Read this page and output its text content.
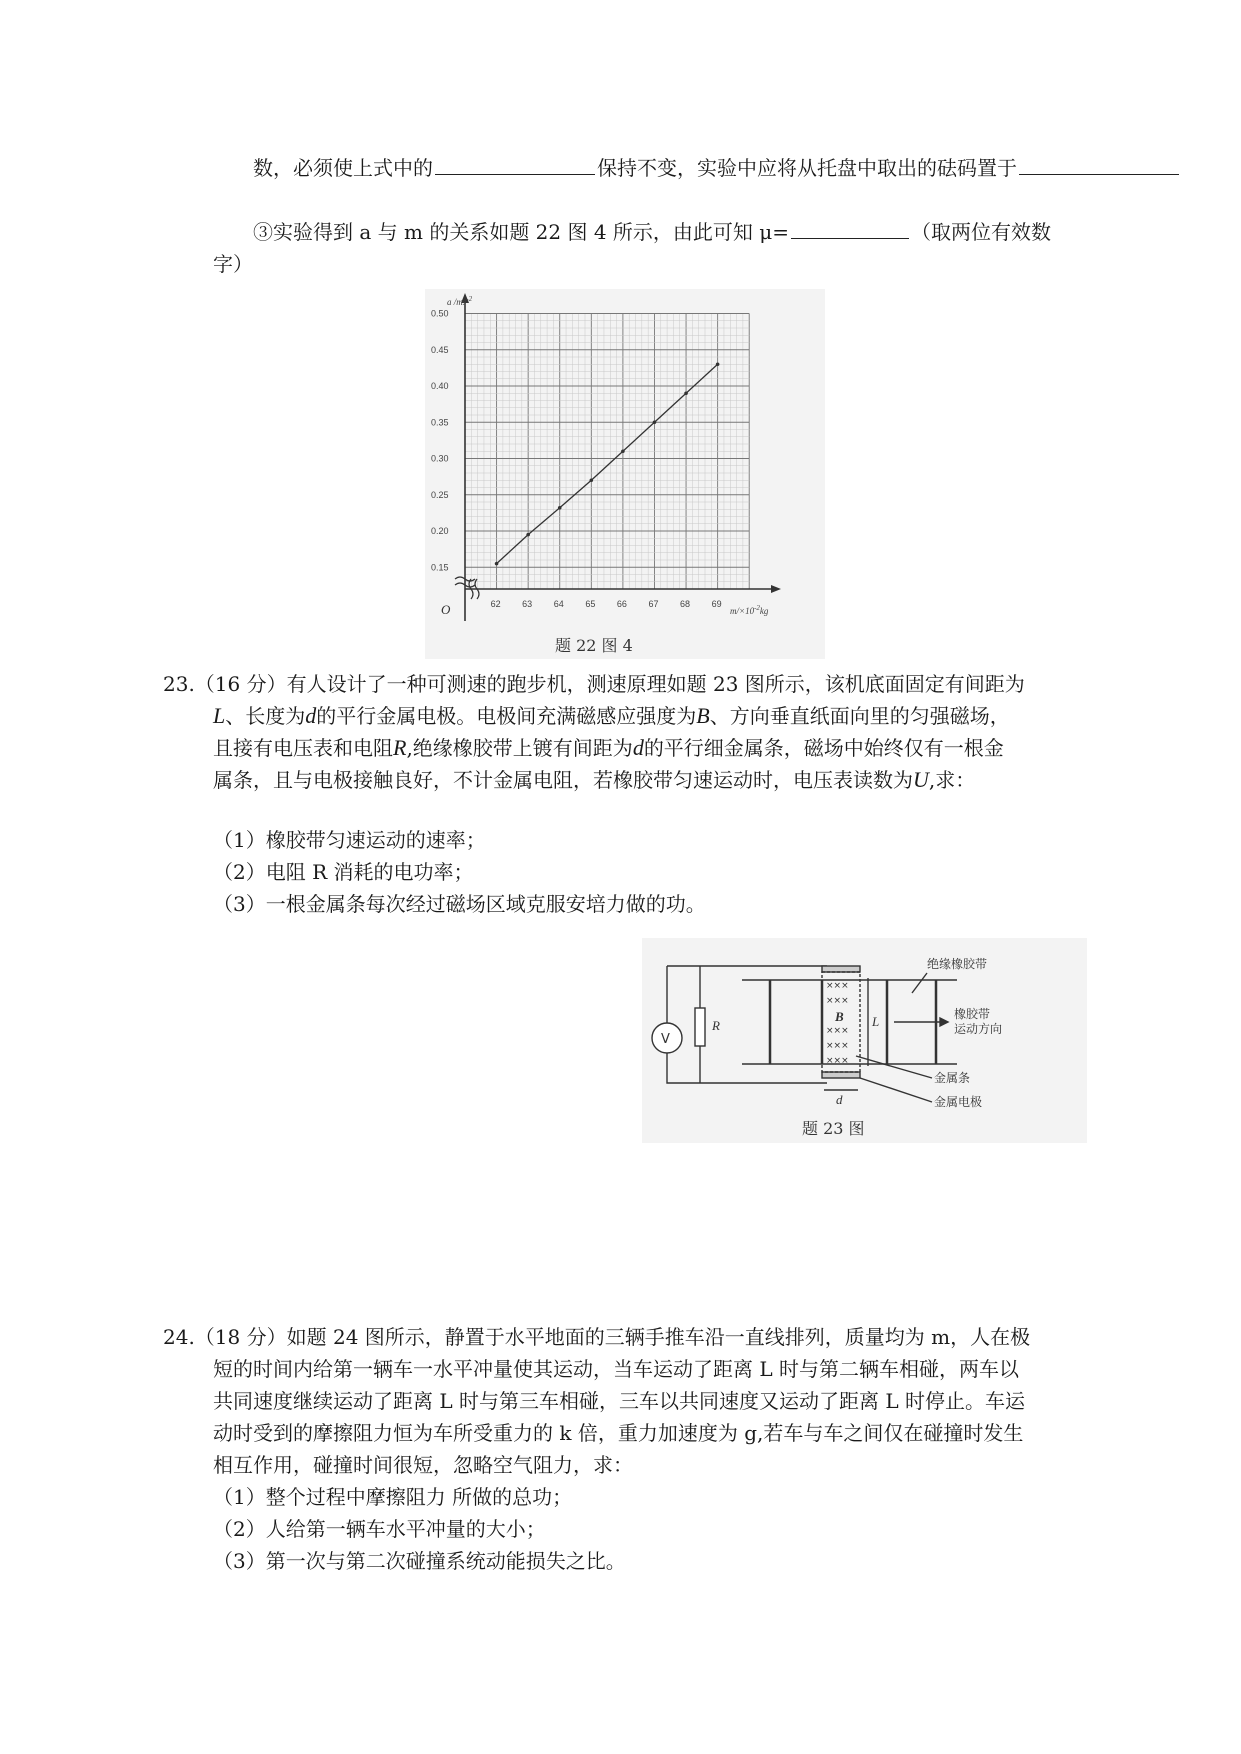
数，必须使上式中的	保持不变，实验中应将从托盘中取出的砝码置于
③实验得到 a 与 m 的关系如题 22 图 4 所示，由此可知 μ=	（取两位有效数
字）
62 63 64 65 66 67 68 69
0.15
0.20
0.25
0.30
0.35
0.40
0.45
0.50
a $/ms^{-2}$
$m/\times 10^{-2}kg$
O
题 22 图 4
23.（16 分）有人设计了一种可测速的跑步机，测速原理如题 23 图所示，该机底面固定有间距为
L、长度为d的平行金属电极。电极间充满磁感应强度为B、方向垂直纸面向里的匀强磁场，
且接有电压表和电阻R,绝缘橡胶带上镀有间距为d的平行细金属条，磁场中始终仅有一根金
属条，且与电极接触良好，不计金属电阻，若橡胶带匀速运动时，电压表读数为U,求：
（1）橡胶带匀速运动的速率；
（2）电阻 R 消耗的电功率；
（3）一根金属条每次经过磁场区域克服安培力做的功。
×××
×××
×××
×××
×××
V
R
B L
d
绝缘橡胶带
橡胶带
运动方向
金属条
金属电极
题 23 图
24.（18 分）如题 24 图所示，静置于水平地面的三辆手推车沿一直线排列，质量均为 m，人在极
短的时间内给第一辆车一水平冲量使其运动，当车运动了距离 L 时与第二辆车相碰，两车以
共同速度继续运动了距离 L 时与第三车相碰，三车以共同速度又运动了距离 L 时停止。车运
动时受到的摩擦阻力恒为车所受重力的 k 倍，重力加速度为 g,若车与车之间仅在碰撞时发生
相互作用，碰撞时间很短，忽略空气阻力，求：
（1）整个过程中摩擦阻力 所做的总功；
（2）人给第一辆车水平冲量的大小；
（3）第一次与第二次碰撞系统动能损失之比。
